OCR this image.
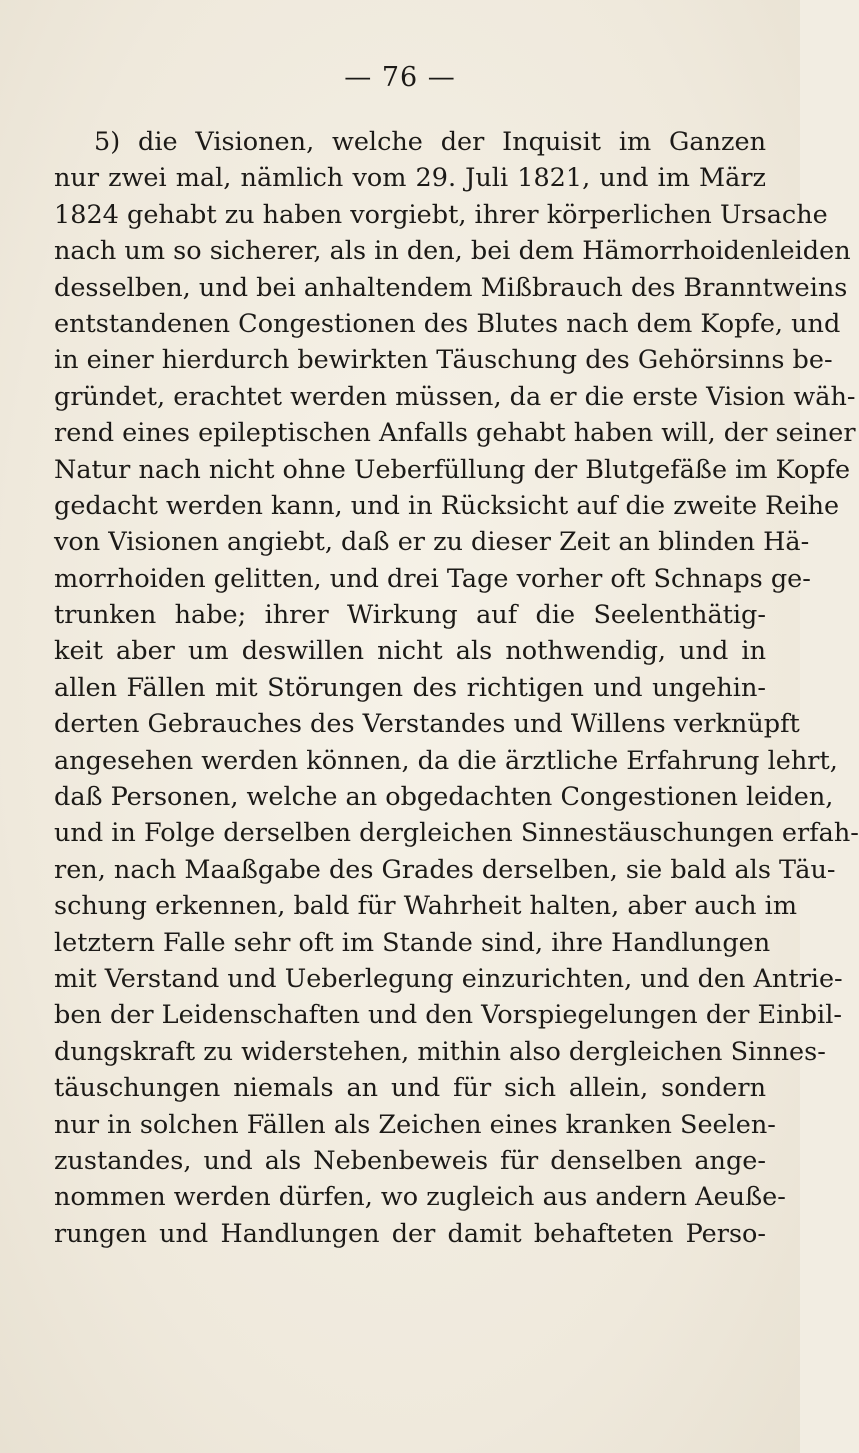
— 76 —
5) die Visionen, welche der Inquisit im Ganzen
nur zwei mal, nämlich vom 29. Juli 1821, und im März
1824 gehabt zu haben vorgiebt, ihrer körperlichen Ursache
nach um so sicherer, als in den, bei dem Hämorrhoidenleiden
desselben, und bei anhaltendem Mißbrauch des Branntweins
entstandenen Congestionen des Blutes nach dem Kopfe, und
in einer hierdurch bewirkten Täuschung des Gehörsinns be-
gründet, erachtet werden müssen, da er die erste Vision wäh-
rend eines epileptischen Anfalls gehabt haben will, der seiner
Natur nach nicht ohne Ueberfüllung der Blutgefäße im Kopfe
gedacht werden kann, und in Rücksicht auf die zweite Reihe
von Visionen angiebt, daß er zu dieser Zeit an blinden Hä-
morrhoiden gelitten, und drei Tage vorher oft Schnaps ge-
trunken habe; ihrer Wirkung auf die Seelenthätig-
keit aber um deswillen nicht als nothwendig, und in
allen Fällen mit Störungen des richtigen und ungehin-
derten Gebrauches des Verstandes und Willens verknüpft
angesehen werden können, da die ärztliche Erfahrung lehrt,
daß Personen, welche an obgedachten Congestionen leiden,
und in Folge derselben dergleichen Sinnestäuschungen erfah-
ren, nach Maaßgabe des Grades derselben, sie bald als Täu-
schung erkennen, bald für Wahrheit halten, aber auch im
letztern Falle sehr oft im Stande sind, ihre Handlungen
mit Verstand und Ueberlegung einzurichten, und den Antrie-
ben der Leidenschaften und den Vorspiegelungen der Einbil-
dungskraft zu widerstehen, mithin also dergleichen Sinnes-
täuschungen niemals an und für sich allein, sondern
nur in solchen Fällen als Zeichen eines kranken Seelen-
zustandes, und als Nebenbeweis für denselben ange-
nommen werden dürfen, wo zugleich aus andern Aeuße-
rungen und Handlungen der damit behafteten Perso-
